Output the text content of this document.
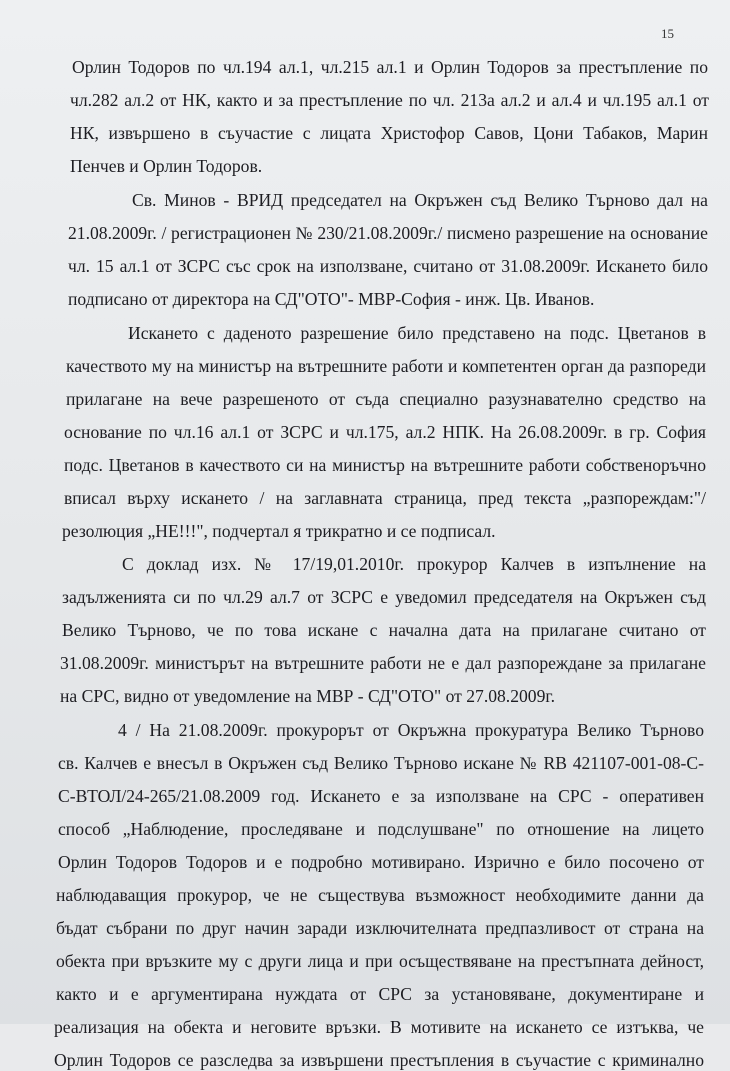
15
Орлин Тодоров по чл.194 ал.1, чл.215 ал.1 и Орлин Тодоров за престъпление по
чл.282 ал.2 от НК, както и за престъпление по чл. 213а ал.2 и ал.4 и чл.195 ал.1 от
НК, извършено в съучастие с лицата Христофор Савов, Цони Табаков, Марин
Пенчев и Орлин Тодоров.
Св. Минов - ВРИД председател на Окръжен съд Велико Търново дал на
21.08.2009г. / регистрационен № 230/21.08.2009г./ писмено разрешение на основание
чл. 15 ал.1 от ЗСРС със срок на използване, считано от 31.08.2009г. Искането било
подписано от директора на СД"ОТО"- МВР-София - инж. Цв. Иванов.
Искането с даденото разрешение било представено на подс. Цветанов в
качеството му на министър на вътрешните работи и компетентен орган да разпореди
прилагане на вече разрешеното от съда специално разузнавателно средство на
основание по чл.16 ал.1 от ЗСРС и чл.175, ал.2 НПК. На 26.08.2009г. в гр. София
подс. Цветанов в качеството си на министър на вътрешните работи собственоръчно
вписал върху искането / на заглавната страница, пред текста „разпореждам:"/
резолюция „НЕ!!!", подчертал я трикратно и се подписал.
С доклад изх. № 17/19,01.2010г. прокурор Калчев в изпълнение на
задълженията си по чл.29 ал.7 от ЗСРС е уведомил председателя на Окръжен съд
Велико Търново, че по това искане с начална дата на прилагане считано от
31.08.2009г. министърът на вътрешните работи не е дал разпореждане за прилагане
на СРС, видно от уведомление на МВР - СД"ОТО" от 27.08.2009г.
4 / На 21.08.2009г. прокурорът от Окръжна прокуратура Велико Търново
св. Калчев е внесъл в Окръжен съд Велико Търново искане № RB 421107-001-08-С-
С-ВТОЛ/24-265/21.08.2009 год. Искането е за използване на СРС - оперативен
способ „Наблюдение, проследяване и подслушване" по отношение на лицето
Орлин Тодоров Тодоров и е подробно мотивирано. Изрично е било посочено от
наблюдаващия прокурор, че не съществува възможност необходимите данни да
бъдат събрани по друг начин заради изключителната предпазливост от страна на
обекта при връзките му с други лица и при осъществяване на престъпната дейност,
както и е аргументирана нуждата от СРС за установяване, документиране и
реализация на обекта и неговите връзки. В мотивите на искането се изтъква, че
Орлин Тодоров се разследва за извършени престъпления в съучастие с криминално
